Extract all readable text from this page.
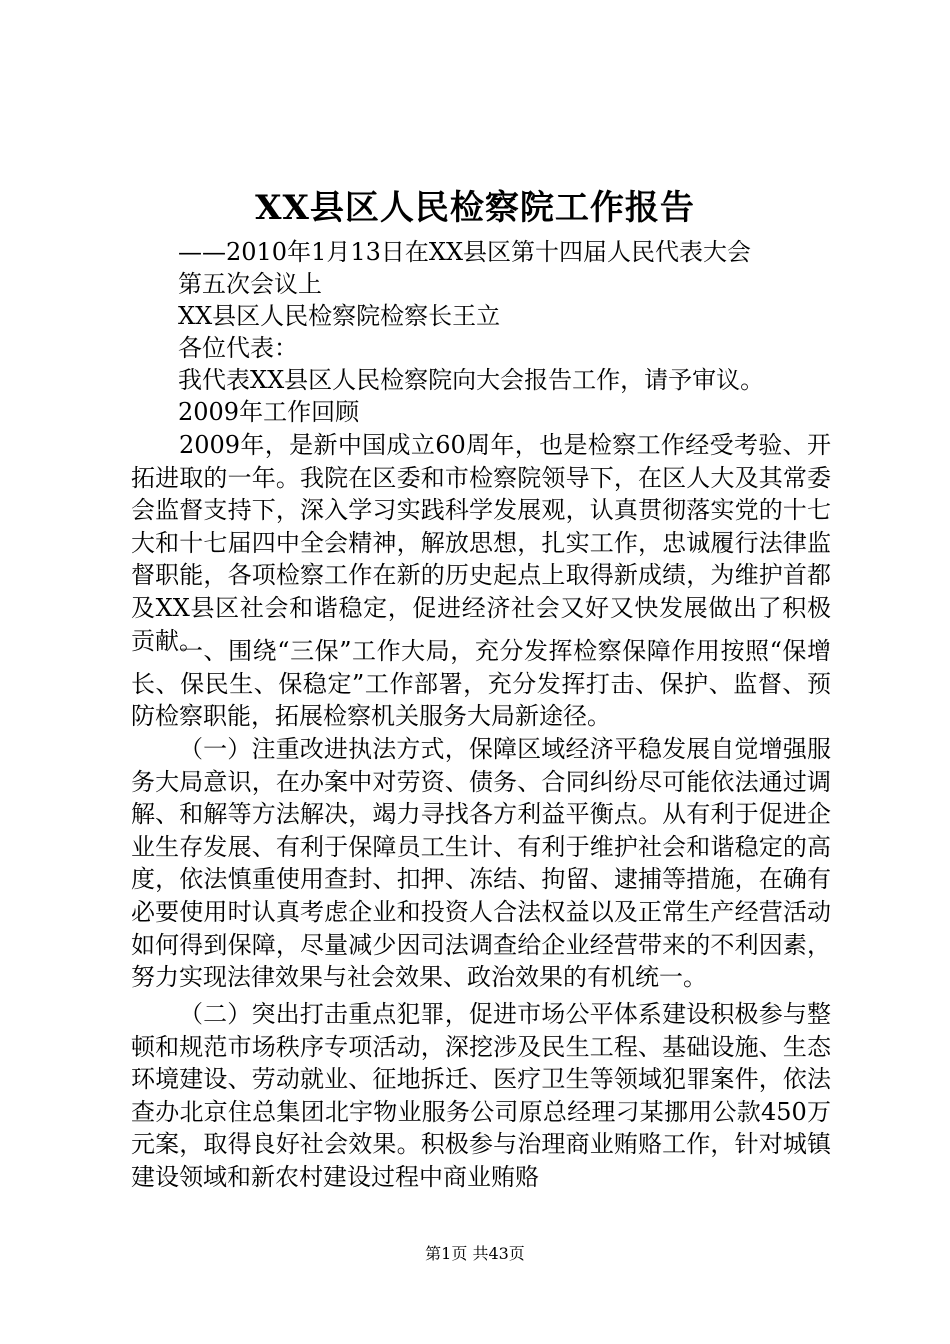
XX县区人民检察院工作报告
——2010年1月13日在XX县区第十四届人民代表大会
第五次会议上
XX县区人民检察院检察长王立
各位代表：
我代表XX县区人民检察院向大会报告工作，请予审议。
2009年工作回顾

2009年，是新中国成立60周年，也是检察工作经受考验、开拓进取的一年。我院在区委和市检察院领导下，在区人大及其常委会监督支持下，深入学习实践科学发展观，认真贯彻落实党的十七大和十七届四中全会精神，解放思想，扎实工作，忠诚履行法律监督职能，各项检察工作在新的历史起点上取得新成绩，为维护首都及XX县区社会和谐稳定，促进经济社会又好又快发展做出了积极贡献。

一、围绕“三保”工作大局，充分发挥检察保障作用按照“保增长、保民生、保稳定”工作部署，充分发挥打击、保护、监督、预防检察职能，拓展检察机关服务大局新途径。

（一）注重改进执法方式，保障区域经济平稳发展自觉增强服务大局意识，在办案中对劳资、债务、合同纠纷尽可能依法通过调解、和解等方法解决，竭力寻找各方利益平衡点。从有利于促进企业生存发展、有利于保障员工生计、有利于维护社会和谐稳定的高度，依法慎重使用查封、扣押、冻结、拘留、逮捕等措施，在确有必要使用时认真考虑企业和投资人合法权益以及正常生产经营活动如何得到保障，尽量减少因司法调查给企业经营带来的不利因素，努力实现法律效果与社会效果、政治效果的有机统一。

（二）突出打击重点犯罪，促进市场公平体系建设积极参与整顿和规范市场秩序专项活动，深挖涉及民生工程、基础设施、生态环境建设、劳动就业、征地拆迁、医疗卫生等领域犯罪案件，依法查办北京住总集团北宇物业服务公司原总经理刁某挪用公款450万元案，取得良好社会效果。积极参与治理商业贿赂工作，针对城镇建设领域和新农村建设过程中商业贿赂

第1页 共43页
